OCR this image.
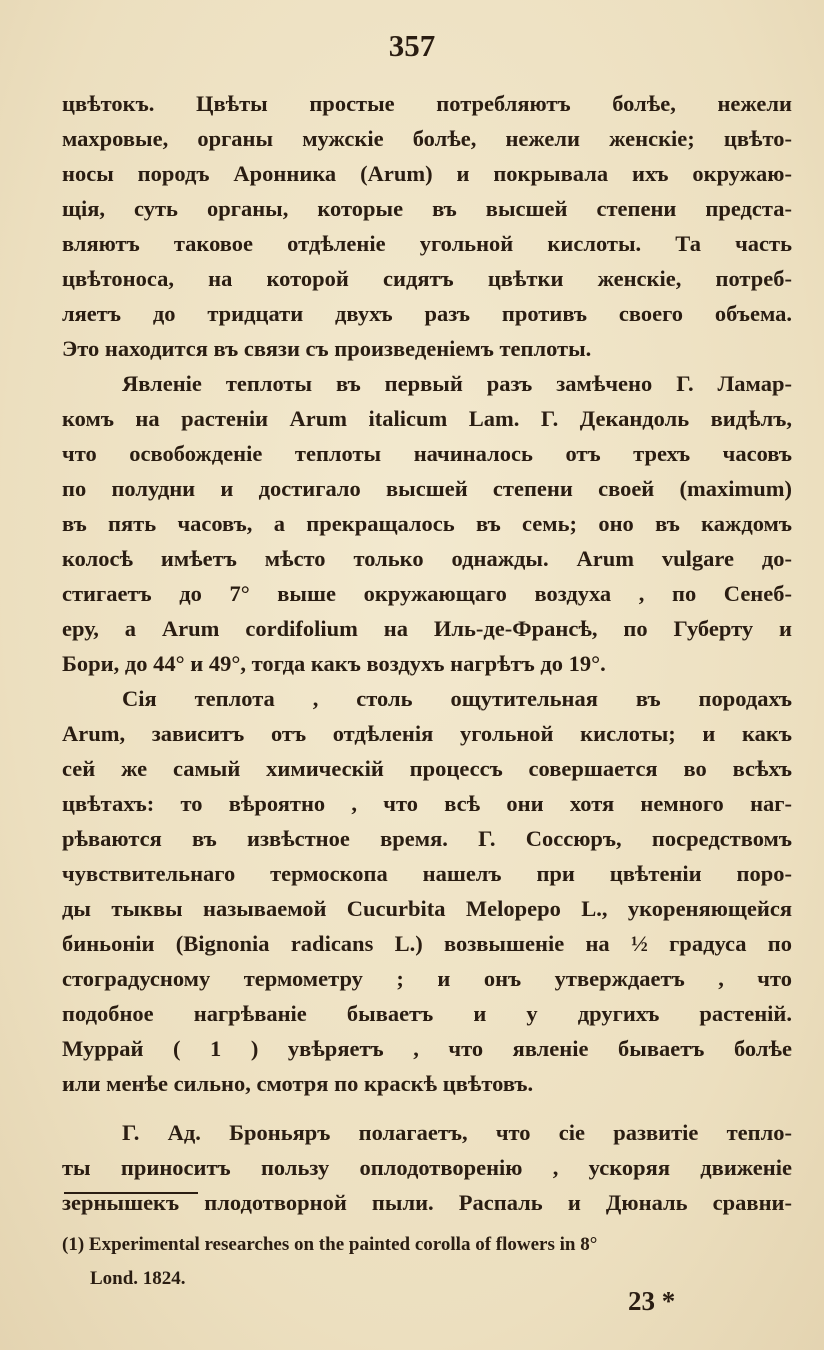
357
цвѣтокъ. Цвѣты простые потребляютъ болѣе, нежели
махровые, органы мужскіе болѣе, нежели женскіе; цвѣто-
носы породъ Аронника (Arum) и покрывала ихъ окружаю-
щія, суть органы, которые въ высшей степени предста-
вляютъ таковое отдѣленіе угольной кислоты. Та часть
цвѣтоноса, на которой сидятъ цвѣтки женскіе, потреб-
ляетъ до тридцати двухъ разъ противъ своего объема.
Это находится въ связи съ произведеніемъ теплоты.
Явленіе теплоты въ первый разъ замѣчено Г. Ламар-
комъ на растеніи Arum italicum Lam. Г. Декандоль видѣлъ,
что освобожденіе теплоты начиналось отъ трехъ часовъ
по полудни и достигало высшей степени своей (maximum)
въ пять часовъ, а прекращалось въ семь; оно въ каждомъ
колосѣ имѣетъ мѣсто только однажды. Arum vulgare до-
стигаетъ до 7° выше окружающаго воздуха , по Сенеб-
еру, а Arum cordifolium на Иль-де-Франсѣ, по Губерту и
Бори, до 44° и 49°, тогда какъ воздухъ нагрѣтъ до 19°.
Сія теплота , столь ощутительная въ породахъ
Arum, зависитъ отъ отдѣленія угольной кислоты; и какъ
сей же самый химическій процессъ совершается во всѣхъ
цвѣтахъ: то вѣроятно , что всѣ они хотя немного наг-
рѣваются въ извѣстное время. Г. Соссюръ, посредствомъ
чувствительнаго термоскопа нашелъ при цвѣтеніи поро-
ды тыквы называемой Cucurbita Melopepo L., укореняющейся
биньоніи (Bignonia radicans L.) возвышеніе на ½ градуса по
стоградусному термометру ; и онъ утверждаетъ , что
подобное нагрѣваніе бываетъ и у другихъ растеній.
Муррай ( 1 ) увѣряетъ , что явленіе бываетъ болѣе
или менѣе сильно, смотря по краскѣ цвѣтовъ.
Г. Ад. Броньяръ полагаетъ, что сіе развитіе тепло-
ты приноситъ пользу оплодотворенію , ускоряя движеніе
зернышекъ плодотворной пыли. Распаль и Дюналь сравни-
(1) Experimental researches on the painted corolla of flowers in 8°
Lond. 1824.
23 *
